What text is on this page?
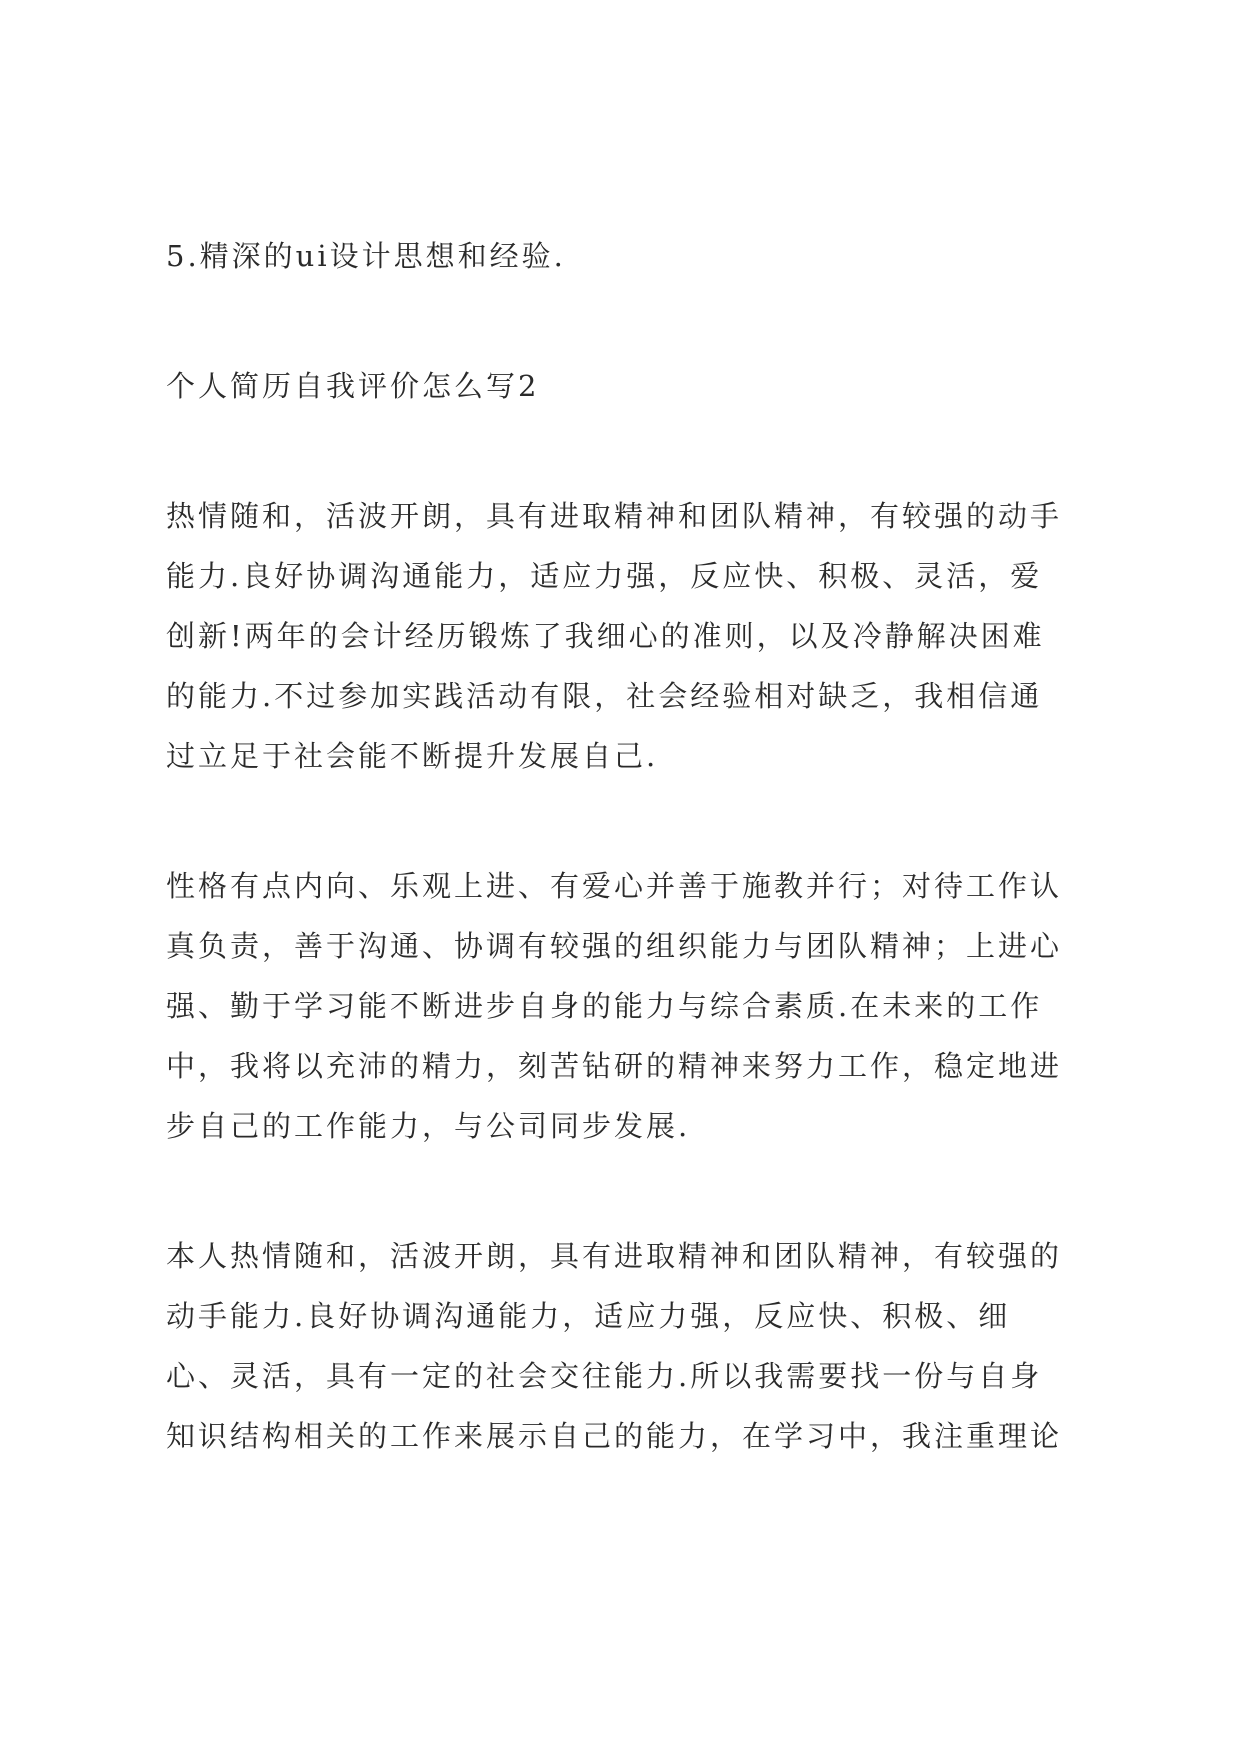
5.精深的ui设计思想和经验.
个人简历自我评价怎么写2
热情随和，活波开朗，具有进取精神和团队精神，有较强的动手
能力.良好协调沟通能力，适应力强，反应快、积极、灵活，爱
创新!两年的会计经历锻炼了我细心的准则，以及冷静解决困难
的能力.不过参加实践活动有限，社会经验相对缺乏，我相信通
过立足于社会能不断提升发展自己.
性格有点内向、乐观上进、有爱心并善于施教并行；对待工作认
真负责，善于沟通、协调有较强的组织能力与团队精神；上进心
强、勤于学习能不断进步自身的能力与综合素质.在未来的工作
中，我将以充沛的精力，刻苦钻研的精神来努力工作，稳定地进
步自己的工作能力，与公司同步发展.
本人热情随和，活波开朗，具有进取精神和团队精神，有较强的
动手能力.良好协调沟通能力，适应力强，反应快、积极、细
心、灵活，具有一定的社会交往能力.所以我需要找一份与自身
知识结构相关的工作来展示自己的能力，在学习中，我注重理论
